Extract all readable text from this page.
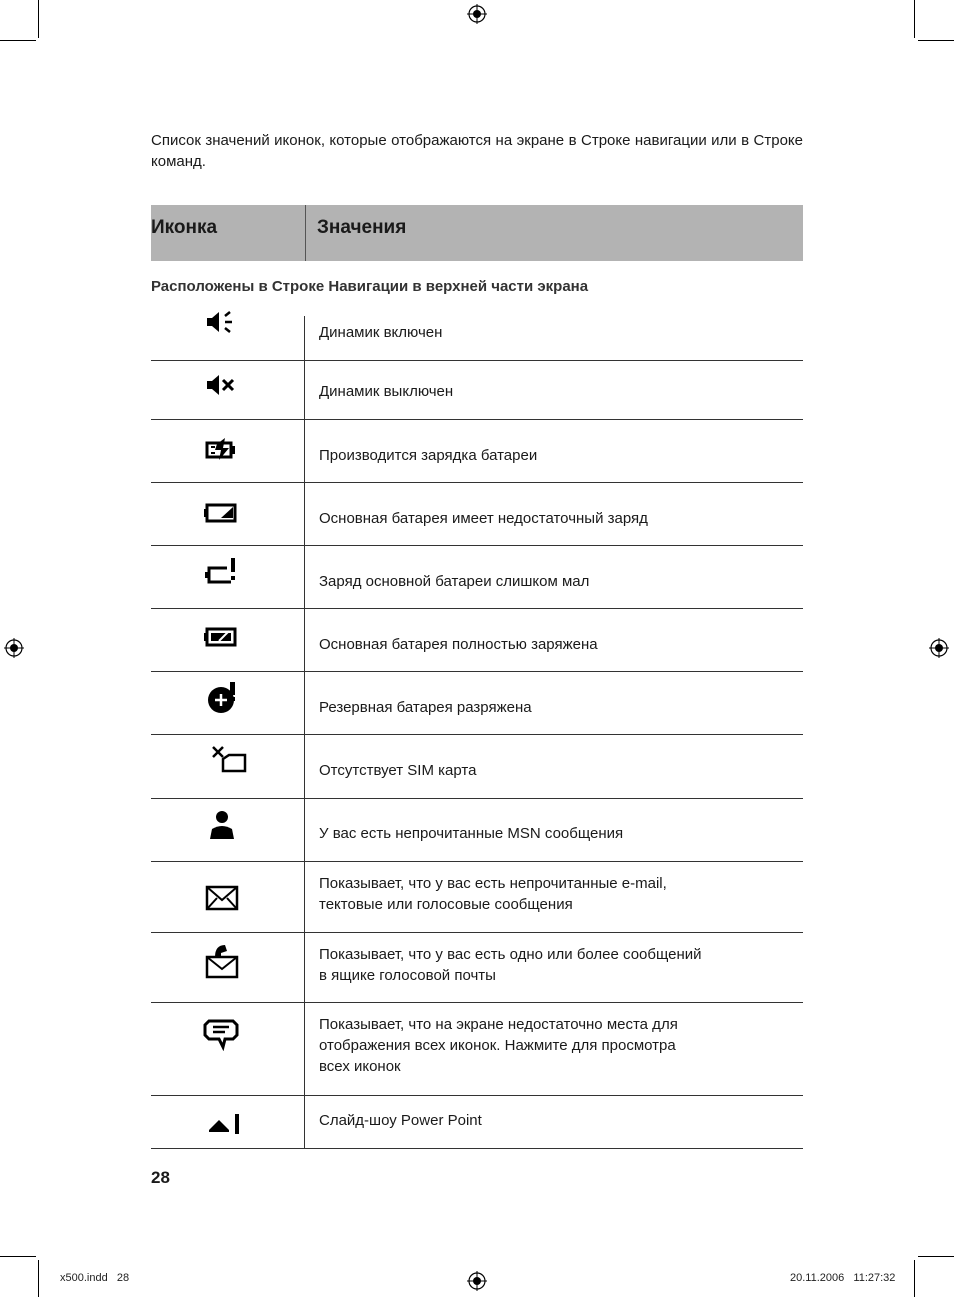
Список значений иконок, которые отображаются на экране в Строке навигации или в Строке команд.
Иконка	Значения
Расположены в Строке Навигации в верхней части экрана
Динамик включен
Динамик выключен
Производится зарядка батареи
Основная батарея имеет недостаточный заряд
Заряд основной батареи слишком мал
Основная батарея полностью заряжена
Резервная батарея разряжена
Отсутствует SIM карта
У вас есть непрочитанные MSN сообщения
Показывает, что у вас есть непрочитанные e-mail,
тектовые или голосовые сообщения
Показывает, что у вас есть одно или более сообщений
в ящике голосовой почты
Показывает, что на экране недостаточно места для
отображения всех иконок. Нажмите для просмотра
всех иконок
Слайд-шоу Power Point
28
x500.indd   28	20.11.2006   11:27:32
